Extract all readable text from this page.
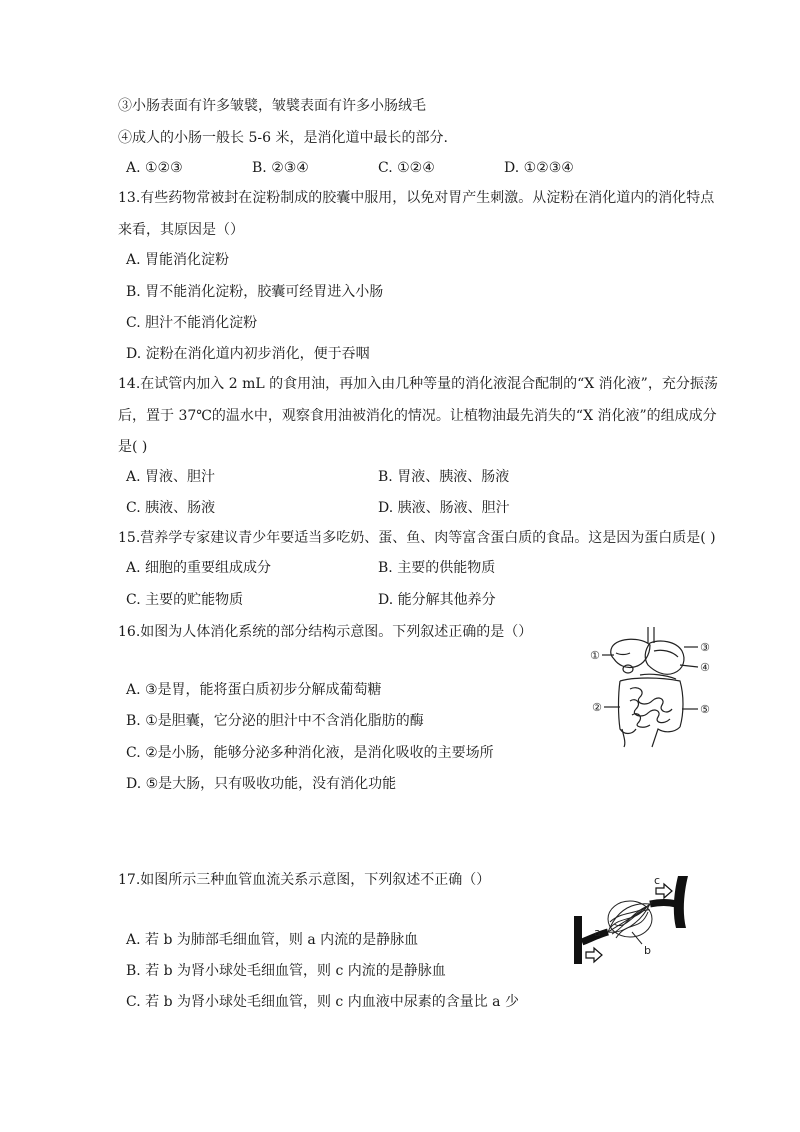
③小肠表面有许多皱襞，皱襞表面有许多小肠绒毛
④成人的小肠一般长 5-6 米，是消化道中最长的部分.
A. ①②③	B. ②③④	C. ①②④	D. ①②③④
13.有些药物常被封在淀粉制成的胶囊中服用，以免对胃产生刺激。从淀粉在消化道内的消化特点
来看，其原因是（）
A. 胃能消化淀粉
B. 胃不能消化淀粉，胶囊可经胃进入小肠
C. 胆汁不能消化淀粉
D. 淀粉在消化道内初步消化，便于吞咽
14.在试管内加入 2 mL 的食用油，再加入由几种等量的消化液混合配制的“X 消化液”，充分振荡
后，置于 37℃的温水中，观察食用油被消化的情况。让植物油最先消失的“X 消化液”的组成成分
是( )
A. 胃液、胆汁	B. 胃液、胰液、肠液
C. 胰液、肠液	D. 胰液、肠液、胆汁
15.营养学专家建议青少年要适当多吃奶、蛋、鱼、肉等富含蛋白质的食品。这是因为蛋白质是( )
A. 细胞的重要组成成分	B. 主要的供能物质
C. 主要的贮能物质	D. 能分解其他养分
16.如图为人体消化系统的部分结构示意图。下列叙述正确的是（）
A. ③是胃，能将蛋白质初步分解成葡萄糖
B. ①是胆囊，它分泌的胆汁中不含消化脂肪的酶
C. ②是小肠，能够分泌多种消化液，是消化吸收的主要场所
D. ⑤是大肠，只有吸收功能，没有消化功能
①
②
③
④
⑤
17.如图所示三种血管血流关系示意图，下列叙述不正确（）
A. 若 b 为肺部毛细血管，则 a 内流的是静脉血
B. 若 b 为肾小球处毛细血管，则 c 内流的是静脉血
C. 若 b 为肾小球处毛细血管，则 c 内血液中尿素的含量比 a 少
a
b
c
